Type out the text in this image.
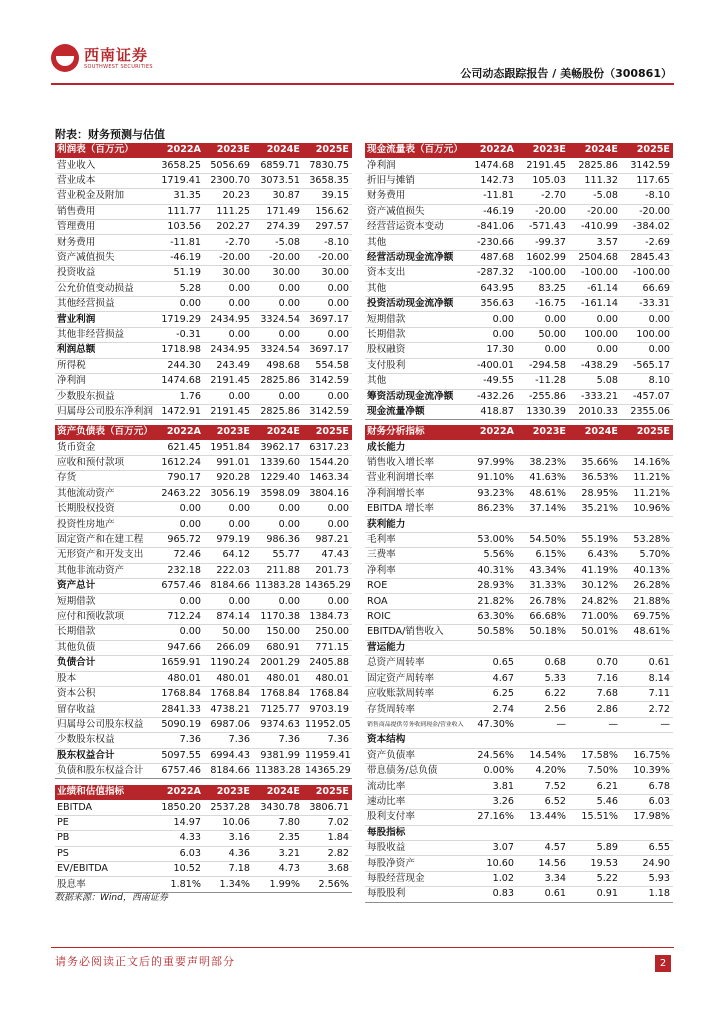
西南证券
SOUTHWEST SECURITIES	公司动态跟踪报告 / 美畅股份（300861）
附表：财务预测与估值
利润表（百万元）	2022A	2023E	2024E	2025E
营业收入	3658.25	5056.69	6859.71	7830.75
营业成本	1719.41	2300.70	3073.51	3658.35
营业税金及附加	31.35	20.23	30.87	39.15
销售费用	111.77	111.25	171.49	156.62
管理费用	103.56	202.27	274.39	297.57
财务费用	-11.81	-2.70	-5.08	-8.10
资产减值损失	-46.19	-20.00	-20.00	-20.00
投资收益	51.19	30.00	30.00	30.00
公允价值变动损益	5.28	0.00	0.00	0.00
其他经营损益	0.00	0.00	0.00	0.00
营业利润	1719.29	2434.95	3324.54	3697.17
其他非经营损益	-0.31	0.00	0.00	0.00
利润总额	1718.98	2434.95	3324.54	3697.17
所得税	244.30	243.49	498.68	554.58
净利润	1474.68	2191.45	2825.86	3142.59
少数股东损益	1.76	0.00	0.00	0.00
归属母公司股东净利润	1472.91	2191.45	2825.86	3142.59
现金流量表（百万元）	2022A	2023E	2024E	2025E
净利润	1474.68	2191.45	2825.86	3142.59
折旧与摊销	142.73	105.03	111.32	117.65
财务费用	-11.81	-2.70	-5.08	-8.10
资产减值损失	-46.19	-20.00	-20.00	-20.00
经营营运资本变动	-841.06	-571.43	-410.99	-384.02
其他	-230.66	-99.37	3.57	-2.69
经营活动现金流净额	487.68	1602.99	2504.68	2845.43
资本支出	-287.32	-100.00	-100.00	-100.00
其他	643.95	83.25	-61.14	66.69
投资活动现金流净额	356.63	-16.75	-161.14	-33.31
短期借款	0.00	0.00	0.00	0.00
长期借款	0.00	50.00	100.00	100.00
股权融资	17.30	0.00	0.00	0.00
支付股利	-400.01	-294.58	-438.29	-565.17
其他	-49.55	-11.28	5.08	8.10
筹资活动现金流净额	-432.26	-255.86	-333.21	-457.07
现金流量净额	418.87	1330.39	2010.33	2355.06
资产负债表（百万元）	2022A	2023E	2024E	2025E
货币资金	621.45	1951.84	3962.17	6317.23
应收和预付款项	1612.24	991.01	1339.60	1544.20
存货	790.17	920.28	1229.40	1463.34
其他流动资产	2463.22	3056.19	3598.09	3804.16
长期股权投资	0.00	0.00	0.00	0.00
投资性房地产	0.00	0.00	0.00	0.00
固定资产和在建工程	965.72	979.19	986.36	987.21
无形资产和开发支出	72.46	64.12	55.77	47.43
其他非流动资产	232.18	222.03	211.88	201.73
资产总计	6757.46	8184.66	11383.28	14365.29
短期借款	0.00	0.00	0.00	0.00
应付和预收款项	712.24	874.14	1170.38	1384.73
长期借款	0.00	50.00	150.00	250.00
其他负债	947.66	266.09	680.91	771.15
负债合计	1659.91	1190.24	2001.29	2405.88
股本	480.01	480.01	480.01	480.01
资本公积	1768.84	1768.84	1768.84	1768.84
留存收益	2841.33	4738.21	7125.77	9703.19
归属母公司股东权益	5090.19	6987.06	9374.63	11952.05
少数股东权益	7.36	7.36	7.36	7.36
股东权益合计	5097.55	6994.43	9381.99	11959.41
负债和股东权益合计	6757.46	8184.66	11383.28	14365.29
财务分析指标	2022A	2023E	2024E	2025E
成长能力				
销售收入增长率	97.99%	38.23%	35.66%	14.16%
营业利润增长率	91.10%	41.63%	36.53%	11.21%
净利润增长率	93.23%	48.61%	28.95%	11.21%
EBITDA 增长率	86.23%	37.14%	35.21%	10.96%
获利能力				
毛利率	53.00%	54.50%	55.19%	53.28%
三费率	5.56%	6.15%	6.43%	5.70%
净利率	40.31%	43.34%	41.19%	40.13%
ROE	28.93%	31.33%	30.12%	26.28%
ROA	21.82%	26.78%	24.82%	21.88%
ROIC	63.30%	66.68%	71.00%	69.75%
EBITDA/销售收入	50.58%	50.18%	50.01%	48.61%
营运能力				
总资产周转率	0.65	0.68	0.70	0.61
固定资产周转率	4.67	5.33	7.16	8.14
应收账款周转率	6.25	6.22	7.68	7.11
存货周转率	2.74	2.56	2.86	2.72
销售商品提供劳务收到现金/营业收入	47.30%	—	—	—
资本结构				
资产负债率	24.56%	14.54%	17.58%	16.75%
带息债务/总负债	0.00%	4.20%	7.50%	10.39%
流动比率	3.81	7.52	6.21	6.78
速动比率	3.26	6.52	5.46	6.03
股利支付率	27.16%	13.44%	15.51%	17.98%
每股指标				
每股收益	3.07	4.57	5.89	6.55
每股净资产	10.60	14.56	19.53	24.90
每股经营现金	1.02	3.34	5.22	5.93
每股股利	0.83	0.61	0.91	1.18
业绩和估值指标	2022A	2023E	2024E	2025E
EBITDA	1850.20	2537.28	3430.78	3806.71
PE	14.97	10.06	7.80	7.02
PB	4.33	3.16	2.35	1.84
PS	6.03	4.36	3.21	2.82
EV/EBITDA	10.52	7.18	4.73	3.68
股息率	1.81%	1.34%	1.99%	2.56%
数据来源：Wind，西南证券
请务必阅读正文后的重要声明部分	2
